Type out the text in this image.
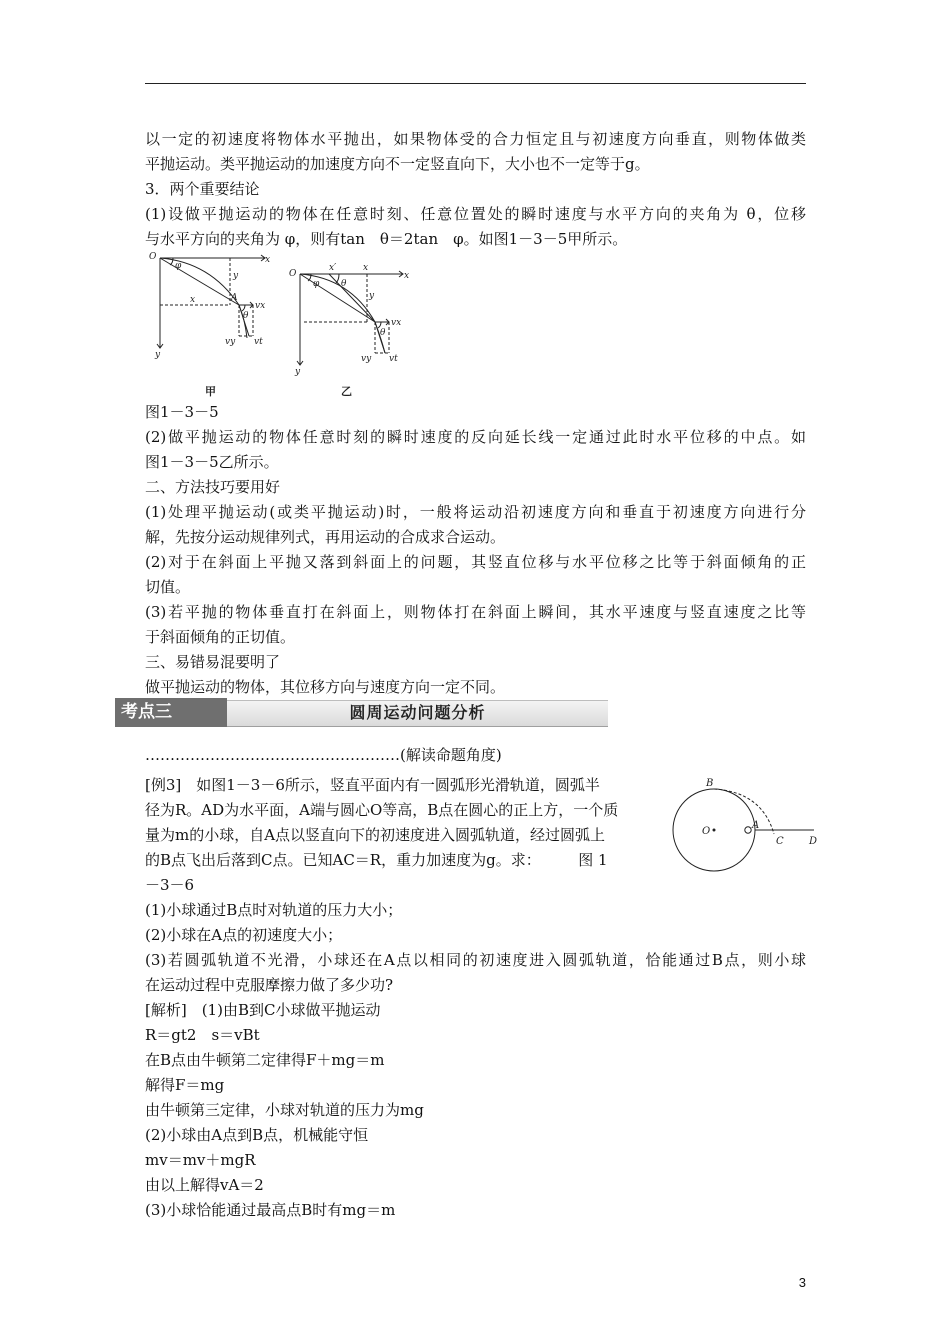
以一定的初速度将物体水平抛出，如果物体受的合力恒定且与初速度方向垂直，则物体做类
平抛运动。类平抛运动的加速度方向不一定竖直向下，大小也不一定等于g。
3．两个重要结论
(1)设做平抛运动的物体在任意时刻、任意位置处的瞬时速度与水平方向的夹角为 θ，位移
与水平方向的夹角为 φ，则有tan　θ＝2tan　φ。如图1－3－5甲所示。
O
φ
x
y
x
y
A
vx
θ
vy vt
甲
O
x′	x
x
φ θ
y
y
θ
vx
vy vt
乙
图1－3－5
(2)做平抛运动的物体任意时刻的瞬时速度的反向延长线一定通过此时水平位移的中点。如
图1－3－5乙所示。
二、方法技巧要用好
(1)处理平抛运动(或类平抛运动)时，一般将运动沿初速度方向和垂直于初速度方向进行分
解，先按分运动规律列式，再用运动的合成求合运动。
(2)对于在斜面上平抛又落到斜面上的问题，其竖直位移与水平位移之比等于斜面倾角的正
切值。
(3)若平抛的物体垂直打在斜面上，则物体打在斜面上瞬间，其水平速度与竖直速度之比等
于斜面倾角的正切值。
三、易错易混要明了
做平抛运动的物体，其位移方向与速度方向一定不同。
考点三	圆周运动问题分析
……………………………………………(解读命题角度)
[例3]　如图1－3－6所示，竖直平面内有一圆弧形光滑轨道，圆弧半
径为R。AD为水平面，A端与圆心O等高，B点在圆心的正上方，一个质
量为m的小球，自A点以竖直向下的初速度进入圆弧轨道，经过圆弧上
的B点飞出后落到C点。已知AC＝R，重力加速度为g。求：　　　图 1
－3－6
B
O
A
C	D
(1)小球通过B点时对轨道的压力大小；
(2)小球在A点的初速度大小；
(3)若圆弧轨道不光滑，小球还在A点以相同的初速度进入圆弧轨道，恰能通过B点，则小球
在运动过程中克服摩擦力做了多少功?
[解析]　(1)由B到C小球做平抛运动
R＝gt2　s＝vBt
在B点由牛顿第二定律得F＋mg＝m
解得F＝mg
由牛顿第三定律，小球对轨道的压力为mg
(2)小球由A点到B点，机械能守恒
mv＝mv＋mgR
由以上解得vA＝2
(3)小球恰能通过最高点B时有mg＝m
3
